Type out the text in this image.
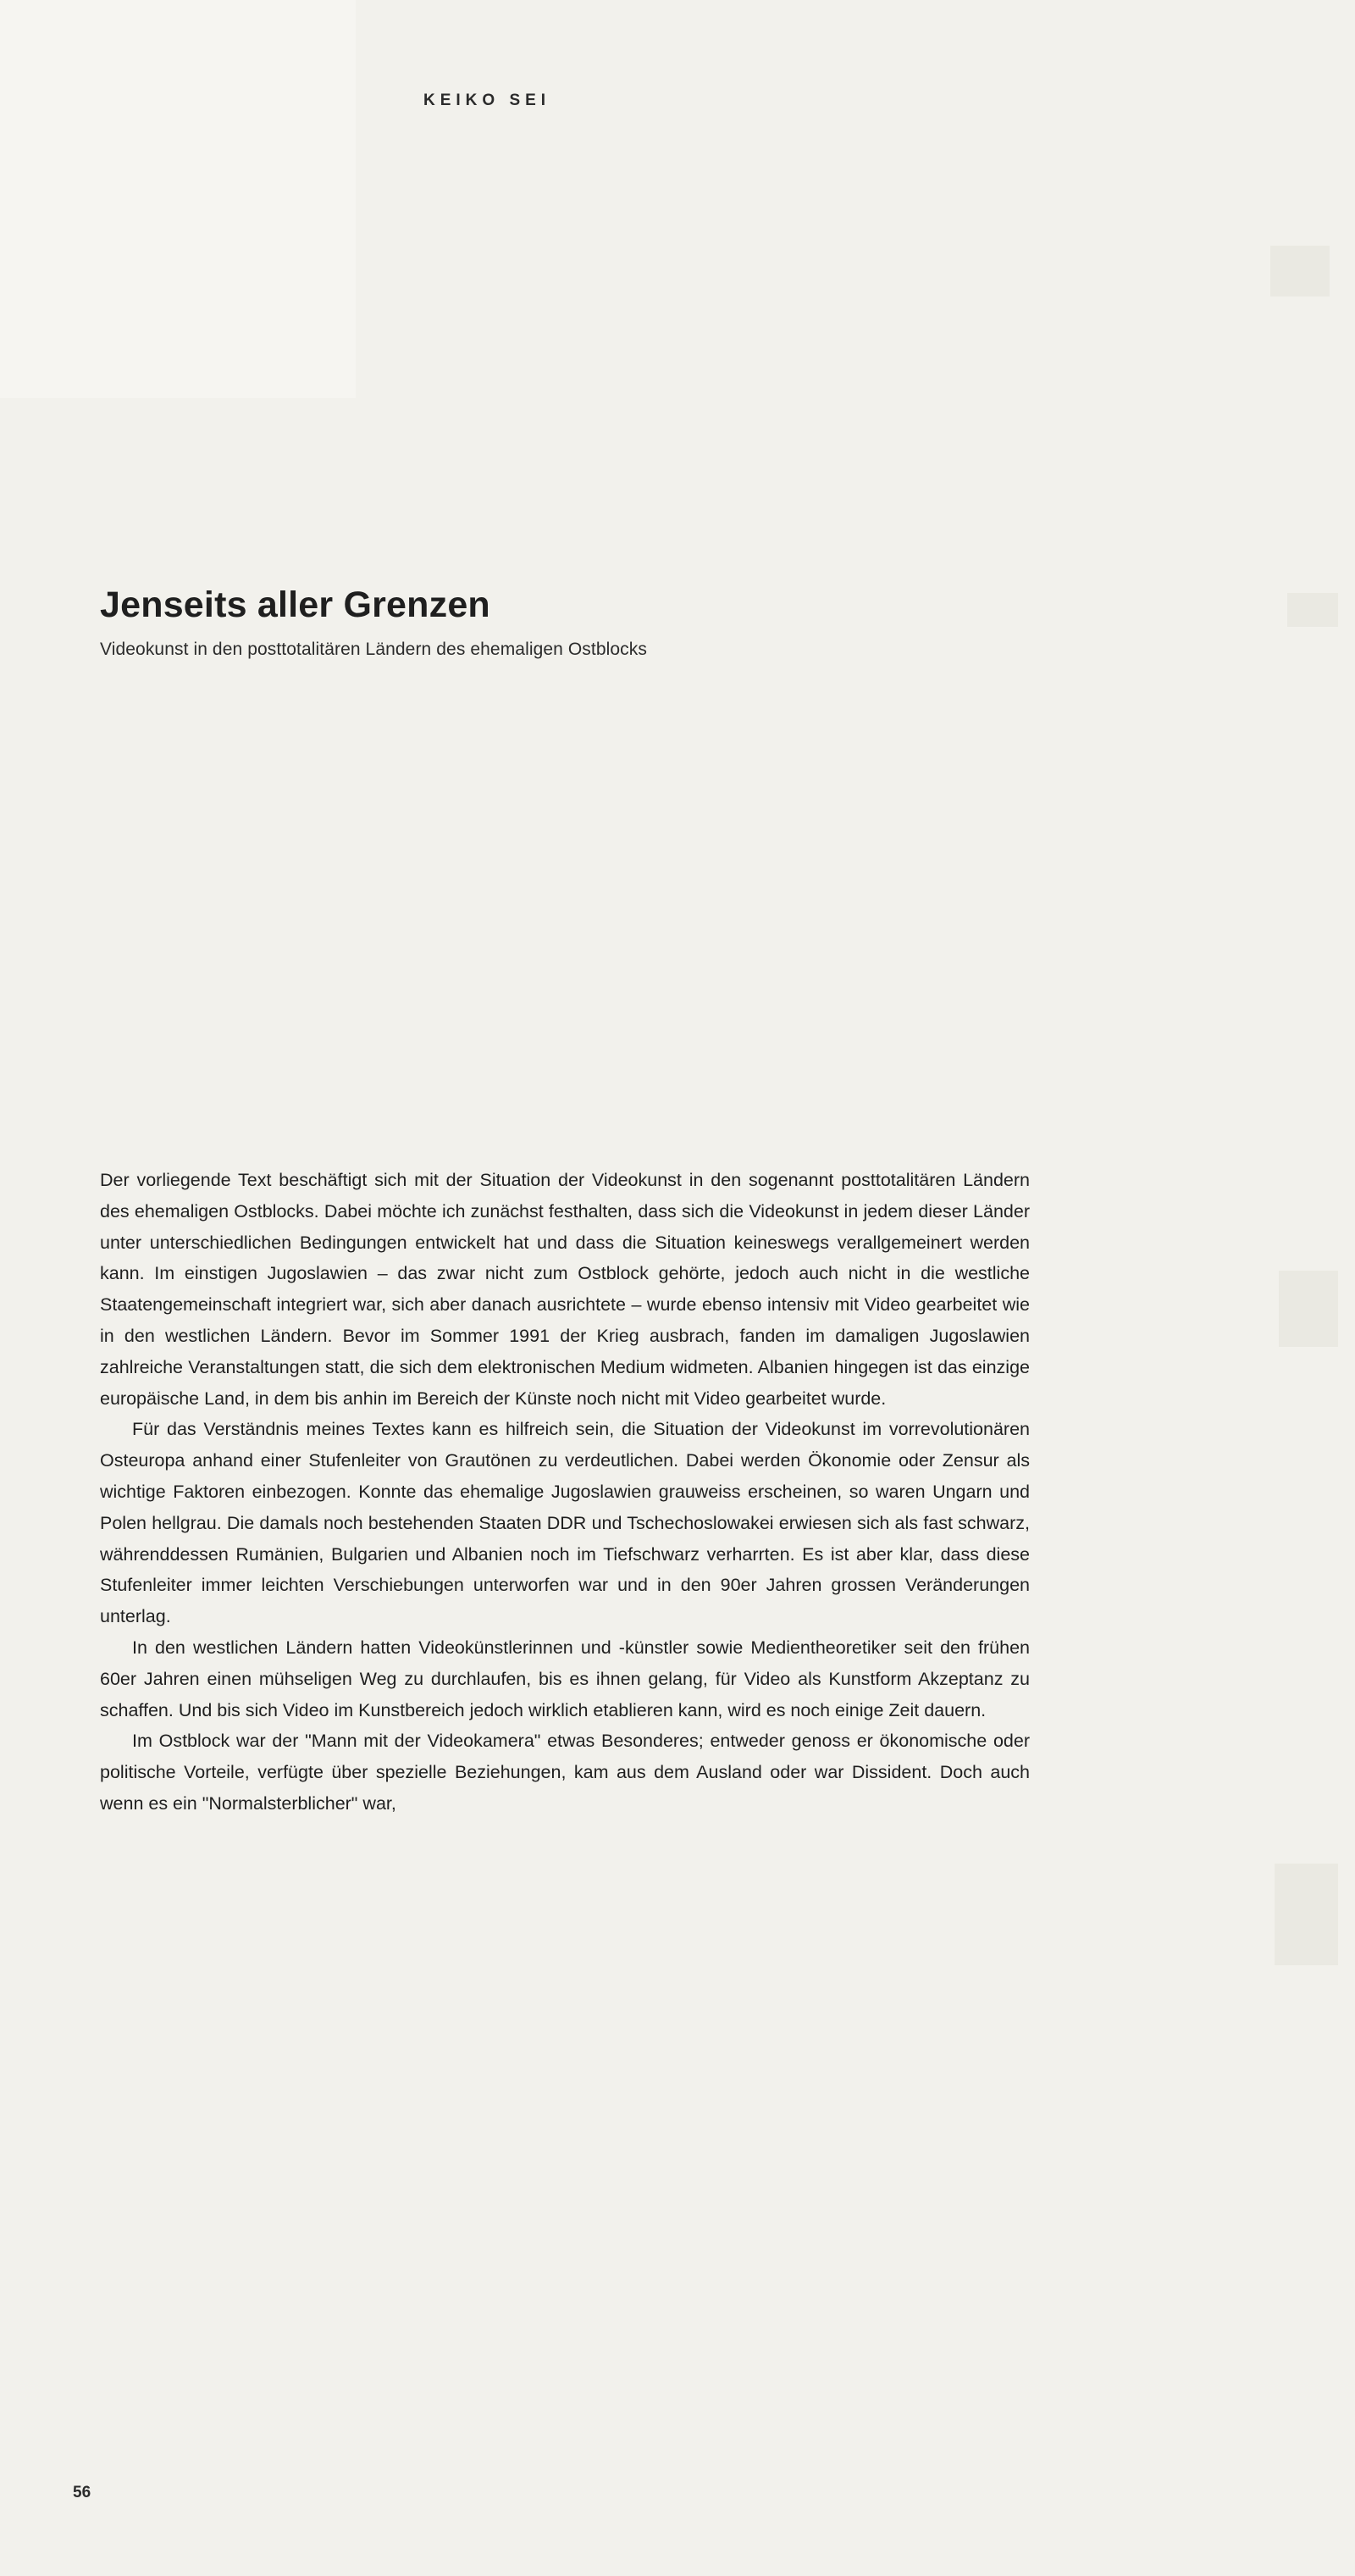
KEIKO SEI
Jenseits aller Grenzen
Videokunst in den posttotalitären Ländern des ehemaligen Ostblocks

Der vorliegende Text beschäftigt sich mit der Situation der Videokunst in den sogenannt posttotalitären Ländern des ehemaligen Ostblocks. Dabei möchte ich zunächst festhalten, dass sich die Videokunst in jedem dieser Länder unter unterschiedlichen Bedingungen entwickelt hat und dass die Situation keineswegs verallgemeinert werden kann. Im einstigen Jugoslawien – das zwar nicht zum Ostblock gehörte, jedoch auch nicht in die westliche Staatengemeinschaft integriert war, sich aber danach ausrichtete – wurde ebenso intensiv mit Video gearbeitet wie in den westlichen Ländern. Bevor im Sommer 1991 der Krieg ausbrach, fanden im damaligen Jugoslawien zahlreiche Veranstaltungen statt, die sich dem elektronischen Medium widmeten. Albanien hingegen ist das einzige europäische Land, in dem bis anhin im Bereich der Künste noch nicht mit Video gearbeitet wurde.

Für das Verständnis meines Textes kann es hilfreich sein, die Situation der Videokunst im vorrevolutionären Osteuropa anhand einer Stufenleiter von Grautönen zu verdeutlichen. Dabei werden Ökonomie oder Zensur als wichtige Faktoren einbezogen. Konnte das ehemalige Jugoslawien grauweiss erscheinen, so waren Ungarn und Polen hellgrau. Die damals noch bestehenden Staaten DDR und Tschechoslowakei erwiesen sich als fast schwarz, währenddessen Rumänien, Bulgarien und Albanien noch im Tiefschwarz verharrten. Es ist aber klar, dass diese Stufenleiter immer leichten Verschiebungen unterworfen war und in den 90er Jahren grossen Veränderungen unterlag.

In den westlichen Ländern hatten Videokünstlerinnen und -künstler sowie Medientheoretiker seit den frühen 60er Jahren einen mühseligen Weg zu durchlaufen, bis es ihnen gelang, für Video als Kunstform Akzeptanz zu schaffen. Und bis sich Video im Kunstbereich jedoch wirklich etablieren kann, wird es noch einige Zeit dauern.

Im Ostblock war der "Mann mit der Videokamera" etwas Besonderes; entweder genoss er ökonomische oder politische Vorteile, verfügte über spezielle Beziehungen, kam aus dem Ausland oder war Dissident. Doch auch wenn es ein "Normalsterblicher" war,

56
